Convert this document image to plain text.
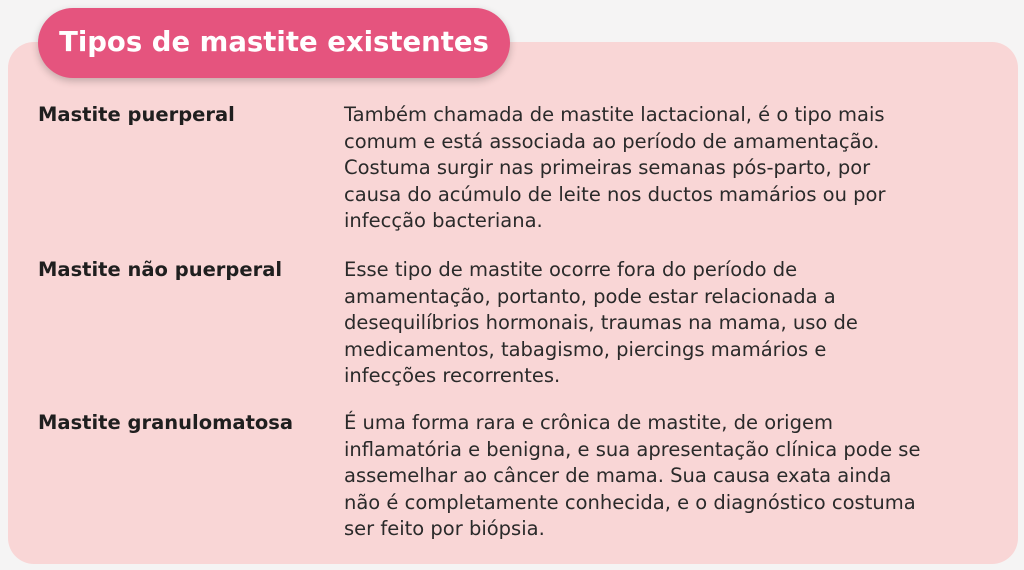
Tipos de mastite existentes
Mastite puerperal	Também chamada de mastite lactacional, é o tipo mais
comum e está associada ao período de amamentação.
Costuma surgir nas primeiras semanas pós-parto, por
causa do acúmulo de leite nos ductos mamários ou por
infecção bacteriana.
Mastite não puerperal	Esse tipo de mastite ocorre fora do período de
amamentação, portanto, pode estar relacionada a
desequilíbrios hormonais, traumas na mama, uso de
medicamentos, tabagismo, piercings mamários e
infecções recorrentes.
Mastite granulomatosa	É uma forma rara e crônica de mastite, de origem
inflamatória e benigna, e sua apresentação clínica pode se
assemelhar ao câncer de mama. Sua causa exata ainda
não é completamente conhecida, e o diagnóstico costuma
ser feito por biópsia.
